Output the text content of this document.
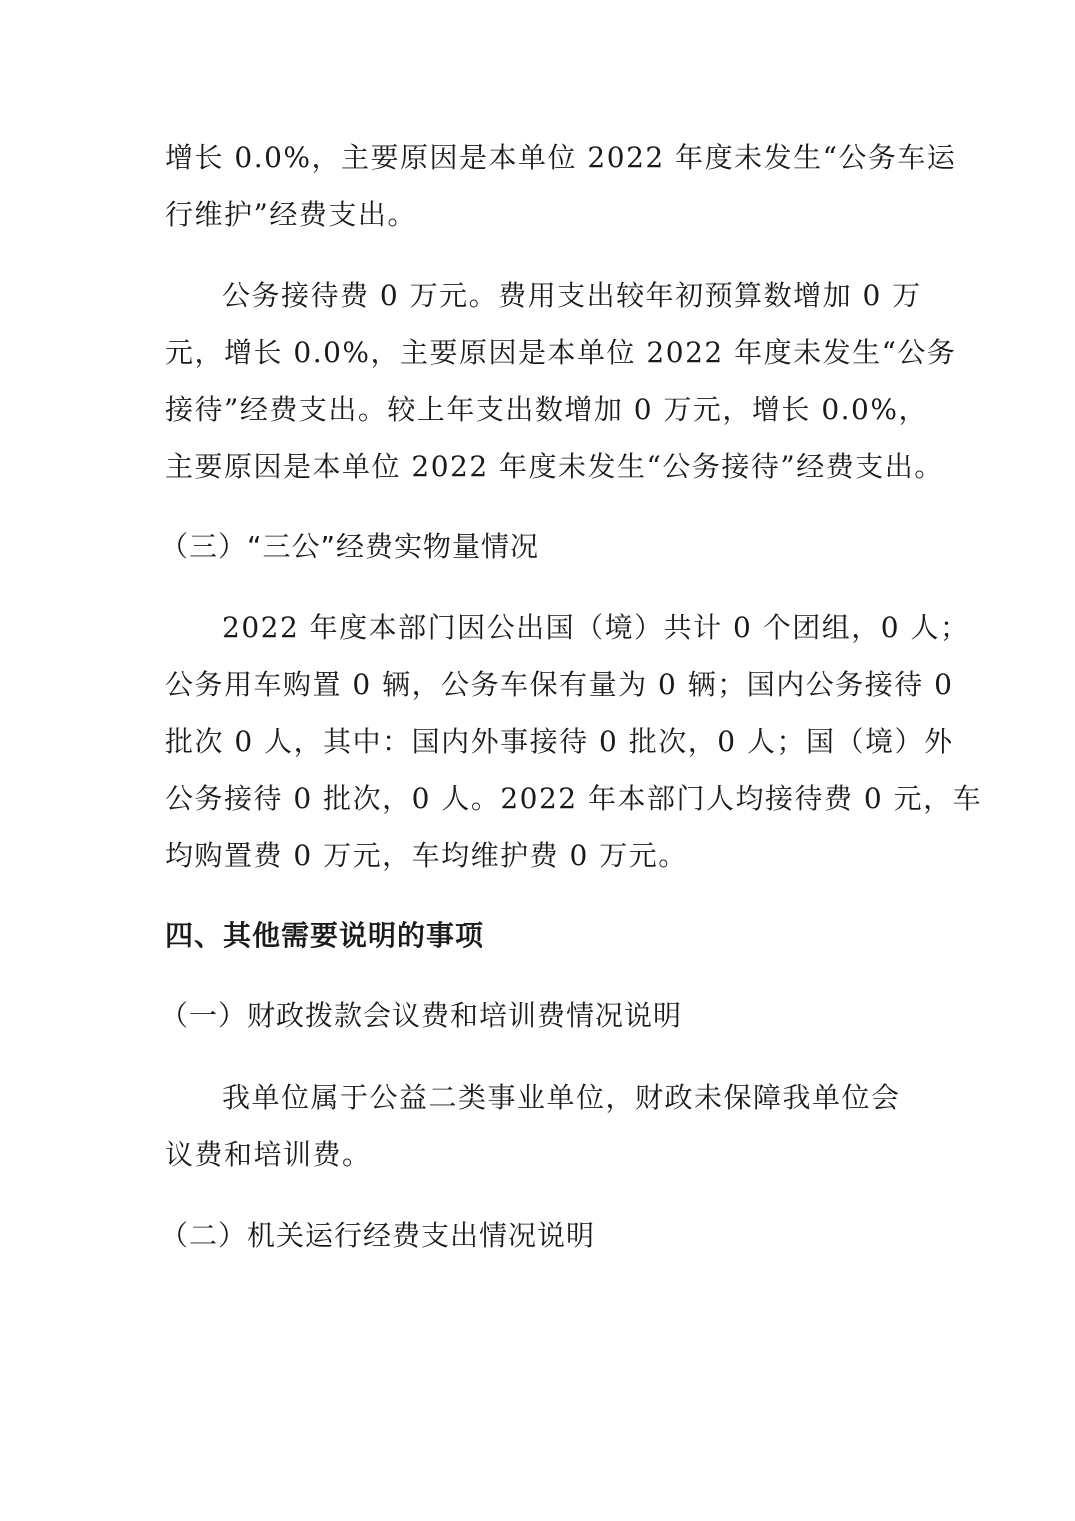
增长 0.0%，主要原因是本单位 2022 年度未发生“公务车运
行维护”经费支出。
公务接待费 0 万元。费用支出较年初预算数增加 0 万
元，增长 0.0%，主要原因是本单位 2022 年度未发生“公务
接待”经费支出。较上年支出数增加 0 万元，增长 0.0%，
主要原因是本单位 2022 年度未发生“公务接待”经费支出。
（三）“三公”经费实物量情况
2022 年度本部门因公出国（境）共计 0 个团组，0 人；
公务用车购置 0 辆，公务车保有量为 0 辆；国内公务接待 0
批次 0 人，其中：国内外事接待 0 批次，0 人；国（境）外
公务接待 0 批次，0 人。2022 年本部门人均接待费 0 元，车
均购置费 0 万元，车均维护费 0 万元。
四、其他需要说明的事项
（一）财政拨款会议费和培训费情况说明
我单位属于公益二类事业单位，财政未保障我单位会
议费和培训费。
（二）机关运行经费支出情况说明
